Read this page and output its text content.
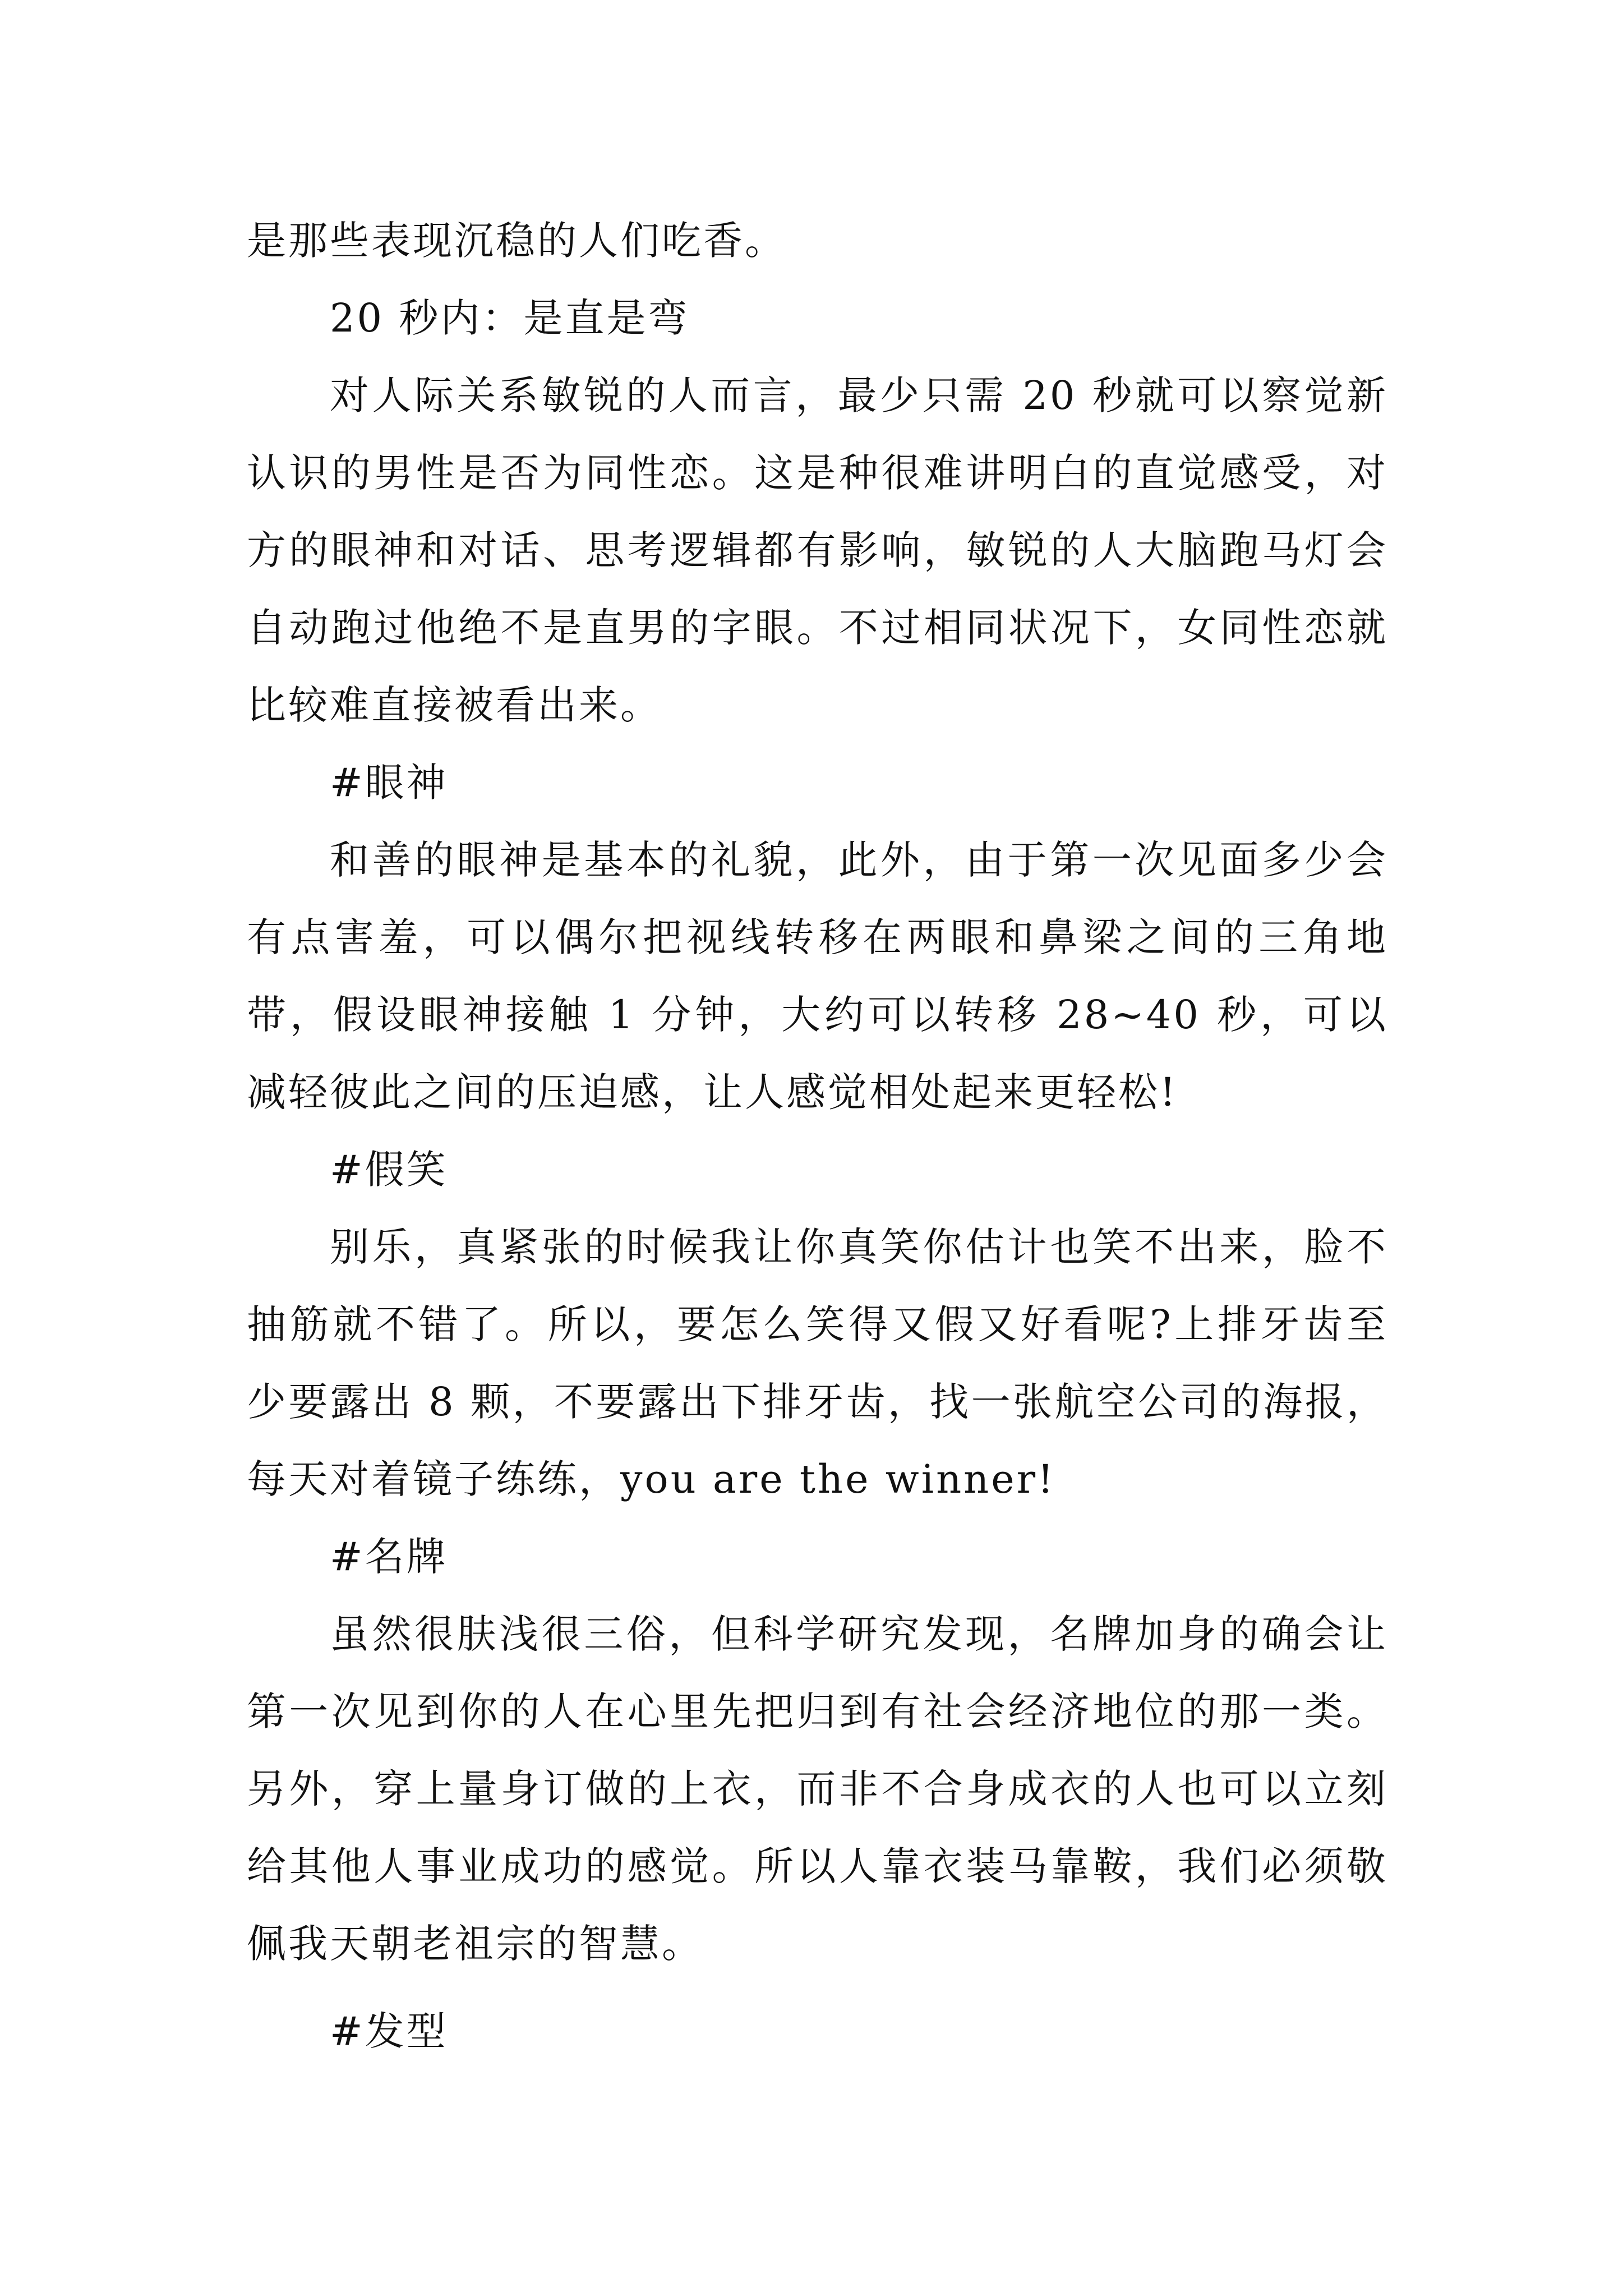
是那些表现沉稳的人们吃香。

20 秒内：是直是弯

对人际关系敏锐的人而言，最少只需 20 秒就可以察觉新认识的男性是否为同性恋。这是种很难讲明白的直觉感受，对方的眼神和对话、思考逻辑都有影响，敏锐的人大脑跑马灯会自动跑过他绝不是直男的字眼。不过相同状况下，女同性恋就比较难直接被看出来。

#眼神

和善的眼神是基本的礼貌，此外，由于第一次见面多少会有点害羞，可以偶尔把视线转移在两眼和鼻梁之间的三角地带，假设眼神接触 1 分钟，大约可以转移 28~40 秒，可以减轻彼此之间的压迫感，让人感觉相处起来更轻松!

#假笑

别乐，真紧张的时候我让你真笑你估计也笑不出来，脸不抽筋就不错了。所以，要怎么笑得又假又好看呢?上排牙齿至少要露出 8 颗，不要露出下排牙齿，找一张航空公司的海报，每天对着镜子练练，you are the winner!

#名牌

虽然很肤浅很三俗，但科学研究发现，名牌加身的确会让第一次见到你的人在心里先把归到有社会经济地位的那一类。另外，穿上量身订做的上衣，而非不合身成衣的人也可以立刻给其他人事业成功的感觉。所以人靠衣装马靠鞍，我们必须敬佩我天朝老祖宗的智慧。

#发型
